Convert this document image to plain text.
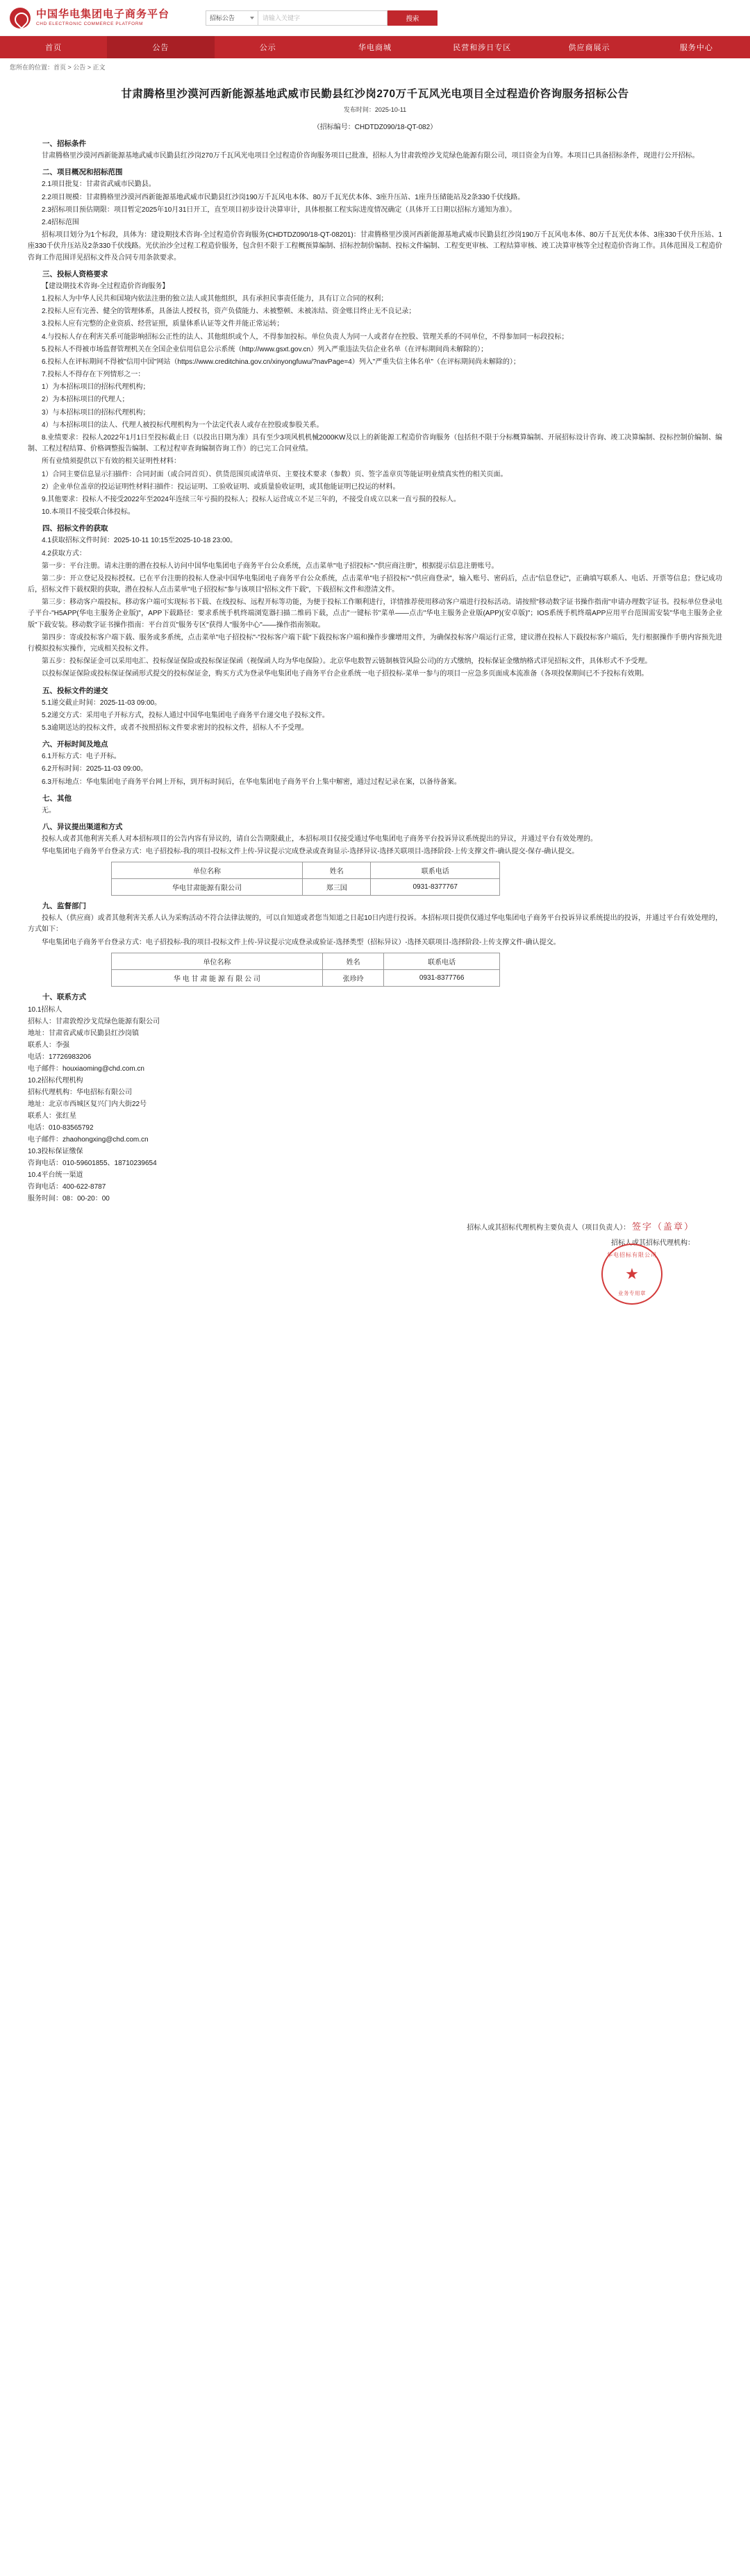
中国华电集团电子商务平台
CHD ELECTRONIC COMMERCE PLATFORM
招标公告
请输入关键字	搜索
首页	公告	公示	华电商城	民营和涉日专区	供应商展示	服务中心
您所在的位置：首页 > 公告 > 正文
甘肃腾格里沙漠河西新能源基地武威市民勤县红沙岗270万千瓦风光电项目全过程造价咨询服务招标公告
发布时间：2025-10-11
（招标编号：CHDTDZ090/18-QT-082）
一、招标条件

甘肃腾格里沙漠河西新能源基地武威市民勤县红沙岗270万千瓦风光电项目全过程造价咨询服务项目已批准，招标人为甘肃敦煌沙戈荒绿色能源有限公司，项目资金为自筹。本项目已具备招标条件，现进行公开招标。

二、项目概况和招标范围

2.1项目批复：甘肃省武威市民勤县。

2.2项目规模：甘肃腾格里沙漠河西新能源基地武威市民勤县红沙岗190万千瓦风电本体、80万千瓦光伏本体、3座升压站、1座升压储能站及2条330千伏线路。

2.3招标项目预估期限：项目暂定2025年10月31日开工，直至项目初步设计决算审计，具体根据工程实际进度情况确定（具体开工日期以招标方通知为准）。

2.4招标范围

招标项目划分为1个标段，具体为：建设期技术咨询-全过程造价咨询服务(CHDTDZ090/18-QT-08201)：甘肃腾格里沙漠河西新能源基地武威市民勤县红沙岗190万千瓦风电本体、80万千瓦光伏本体、3座330千伏升压站、1座330千伏升压站及2条330千伏线路。光伏治沙全过程工程造价服务，包含但不限于工程概预算编制、招标控制价编制、投标文件编制、工程变更审核、工程结算审核、竣工决算审核等全过程造价咨询工作。具体范围及工程造价咨询工作范围详见招标文件及合同专用条款要求。

三、投标人资格要求

【建设期技术咨询-全过程造价咨询服务】

1.投标人为中华人民共和国境内依法注册的独立法人或其他组织，具有承担民事责任能力，具有订立合同的权利；

2.投标人应有完善、健全的管理体系，具备法人授权书，资产负债能力、未被整顿、未被冻结、资金账目终止无不良记录；

3.投标人应有完整的企业资质、经营证照，质量体系认证等文件并能正常运转；

4.与投标人存在利害关系可能影响招标公正性的法人、其他组织或个人，不得参加投标。单位负责人为同一人或者存在控股、管理关系的不同单位，不得参加同一标段投标；

5.投标人不得被市场监督管理机关在全国企业信用信息公示系统（http://www.gsxt.gov.cn）列入严重违法失信企业名单（在评标期间尚未解除的）；

6.投标人在评标期间不得被"信用中国"网站（https://www.creditchina.gov.cn/xinyongfuwu/?navPage=4）列入"严重失信主体名单"（在评标期间尚未解除的）；

7.投标人不得存在下列情形之一：

1）为本招标项目的招标代理机构；

2）为本招标项目的代理人；

3）与本招标项目的招标代理机构；

4）与本招标项目的法人、代理人被投标代理机构为一个法定代表人或存在控股或参股关系。

8.业绩要求：投标人2022年1月1日至投标截止日（以投出日期为准）具有至少3项风机机械2000KW及以上的新能源工程造价咨询服务（包括但不限于分标概算编制、开展招标设计咨询、竣工决算编制、投标控制价编制、编制、工程过程结算、价格调整报告编制、工程过程审查询编制咨询工作）的已完工合同业绩。

所有业绩须提供以下有效的相关证明性材料：

1）合同主要信息显示扫描件：合同封面（或合同首页）、供货范围页或清单页、主要技术要求（参数）页、签字盖章页等能证明业绩真实性的相关页面。

2）企业单位盖章的投运证明性材料扫描件：投运证明、工验收证明、或质量验收证明，或其他能证明已投运的材料。

9.其他要求：投标人不接受2022年至2024年连续三年亏损的投标人；投标人运营成立不足三年的，不接受自成立以来一直亏损的投标人。

10.本项目不接受联合体投标。

四、招标文件的获取

4.1获取招标文件时间：2025-10-11 10:15至2025-10-18 23:00。

4.2获取方式：

第一步：平台注册。请未注册的潜在投标人访问中国华电集团电子商务平台公众系统，点击菜单"电子招投标"-"供应商注册"，根据提示信息注册账号。

第二步：开立登记及投标授权。已在平台注册的投标人登录中国华电集团电子商务平台公众系统，点击菜单"电子招投标"-"供应商登录"，输入账号、密码后，点击"信息登记"，正确填写联系人、电话、开票等信息；登记成功后，招标文件下载权限的获取，潜在投标人点击菜单"电子招投标"参与该项目"招标文件下载"，下载招标文件和澄清文件。

第三步：移动客户端投标。移动客户端可实现标书下载、在线投标、远程开标等功能，为便于投标工作顺利进行，详情推荐使用移动客户端进行投标活动。请按照"移动数字证书操作指南"申请办理数字证书。投标单位登录电子平台-"H5APP(华电主服务企业版)"，APP下载路径：要求系统手机终端浏览器扫描二维码下载，点击"一键标书"菜单——点击"华电主服务企业版(APP)(安卓版)"；IOS系统手机终端APP应用平台范围需安装"华电主服务企业版"下载安装。移动数字证书操作指南：平台首页"服务专区"获得人"服务中心"——操作指南领取。

第四步：寄或投标客户端下载、服务或多系统，点击菜单"电子招投标"-"投标客户端下载"下载投标客户端和操作步骤增用文件，为确保投标客户端运行正常，建议潜在投标人下载投标客户端后，先行根据操作手册内容预先进行模拟投标实操作，完成相关投标文件。

第五步：投标保证金可以采用电汇、投标保证保险或投标保证保函（视保函人均为华电保险）。北京华电数智云链制核管风险公司)的方式缴纳，投标保证金缴纳格式详见招标文件，具体形式不予受理。

以投标保证保险或投标保证保函形式提交的投标保证金，购买方式为登录华电集团电子商务平台企业系统一电子招投标-菜单一参与的项目一应急多页面成本流准备（各项投保期间已不予投标有效期。

五、投标文件的递交

5.1递交截止时间：2025-11-03 09:00。

5.2递交方式：采用电子开标方式，投标人通过中国华电集团电子商务平台递交电子投标文件。

5.3逾期送达的投标文件，或者不按照招标文件要求密封的投标文件，招标人不予受理。

六、开标时间及地点

6.1开标方式：电子开标。

6.2开标时间：2025-11-03 09:00。

6.3开标地点：华电集团电子商务平台网上开标，到开标时间后，在华电集团电子商务平台上集中解密，通过过程记录在案，以备待备案。

七、其他

无。

八、异议提出渠道和方式

投标人或者其他利害关系人对本招标项目的公告内容有异议的，请自公告期限截止，本招标项目仅接受通过华电集团电子商务平台投诉异议系统提出的异议，并通过平台有效处理的。

华电集团电子商务平台登录方式：电子招投标-我的项目-投标文件上传-异议提示完成登录或查询显示-选择异议-选择关联项目-选择阶段-上传支撑文件-确认提交-保存-确认提交。

单位名称	姓名	联系电话
华电甘肃能源有限公司	郑三国	0931-8377767
九、监督部门

投标人（供应商）或者其他利害关系人认为采购活动不符合法律法规的，可以自知道或者您当知道之日起10日内进行投诉。本招标项目提供仅通过华电集团电子商务平台投诉异议系统提出的投诉，并通过平台有效处理的，方式如下：

华电集团电子商务平台登录方式：电子招投标-我的项目-投标文件上传-异议提示完成登录或验证-选择类型（招标异议）-选择关联项目-选择阶段-上传支撑文件-确认提交。

单位名称	姓名	联系电话
华 电 甘 肃 能 源 有 限 公 司	张珍玲	0931-8377766
十、联系方式

10.1招标人

招标人：甘肃敦煌沙戈荒绿色能源有限公司

地址：甘肃省武威市民勤县红沙岗镇

联系人：李强

电话：17726983206

电子邮件：houxiaoming@chd.com.cn

10.2招标代理机构

招标代理机构：华电招标有限公司

地址：北京市西城区复兴门内大街22号

联系人：张红星

电话：010-83565792

电子邮件：zhaohongxing@chd.com.cn

10.3投标保证缴保

咨询电话：010-59601855、18710239654

10.4平台统一渠道

咨询电话：400-622-8787

服务时间：08：00-20：00

招标人或其招标代理机构主要负责人（项目负责人）： 签字（盖章）
招标人或其招标代理机构：
华电招标有限公司
★
业务专用章
